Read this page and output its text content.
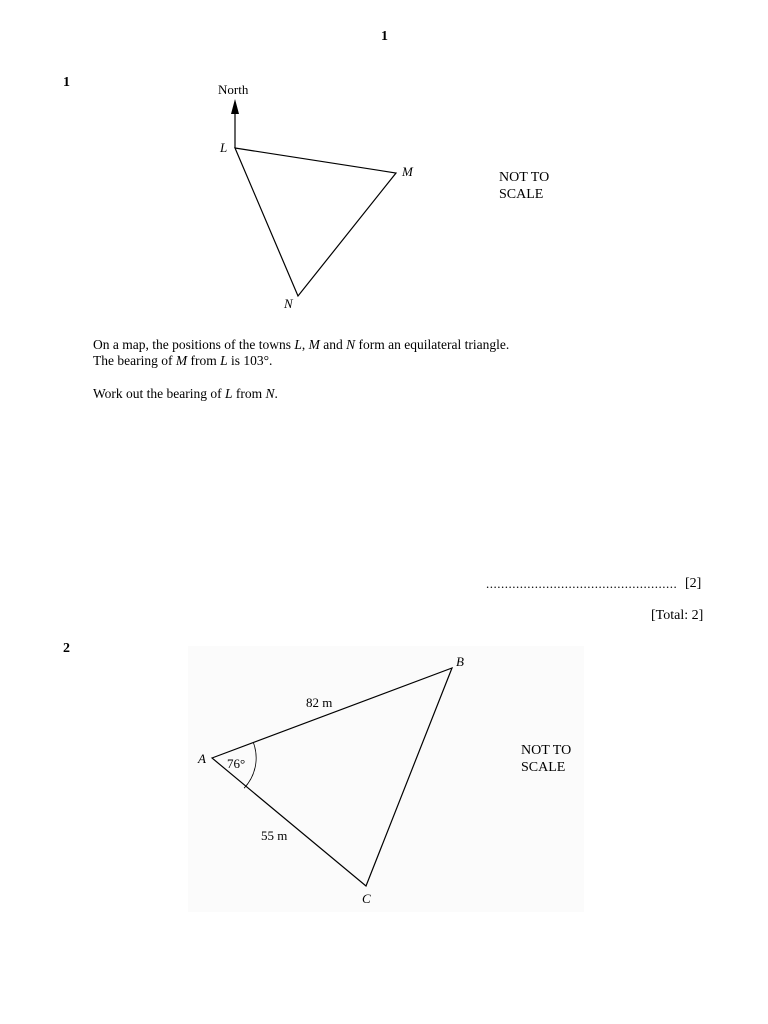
1
1	North
L
M
N
NOT TO
SCALE
On a map, the positions of the towns L, M and N form an equilateral triangle.
The bearing of M from L is 103°.
Work out the bearing of L from N.
................................................... [2]
[Total: 2]
2
A
B
C
82 m
55 m
76°
NOT TO
SCALE
